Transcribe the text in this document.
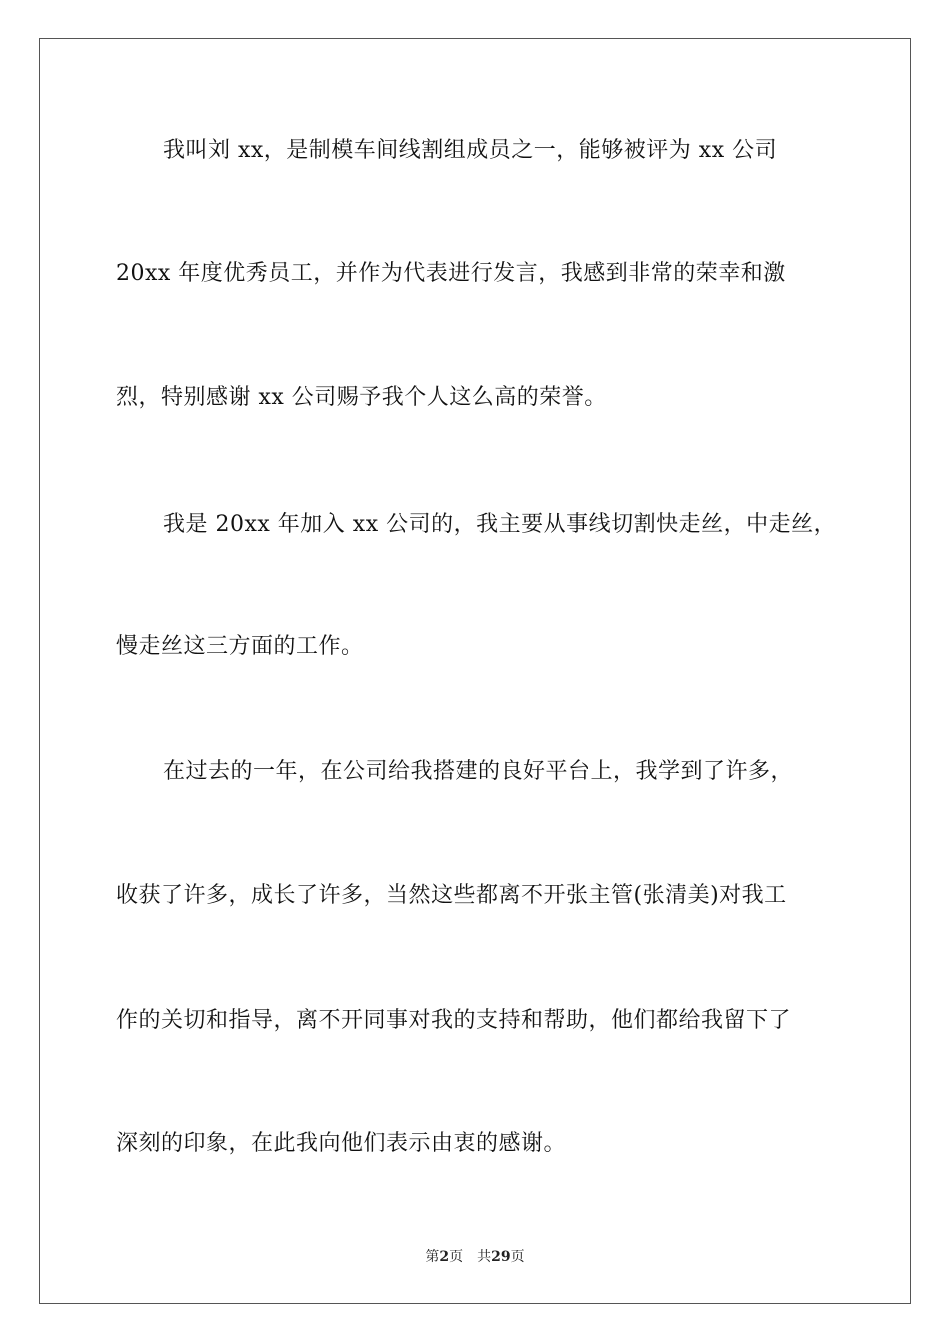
我叫刘 xx，是制模车间线割组成员之一，能够被评为 xx 公司
20xx 年度优秀员工，并作为代表进行发言，我感到非常的荣幸和激
烈，特别感谢 xx 公司赐予我个人这么高的荣誉。
我是 20xx 年加入 xx 公司的，我主要从事线切割快走丝，中走丝，
慢走丝这三方面的工作。
在过去的一年，在公司给我搭建的良好平台上，我学到了许多，
收获了许多，成长了许多，当然这些都离不开张主管(张清美)对我工
作的关切和指导，离不开同事对我的支持和帮助，他们都给我留下了
深刻的印象，在此我向他们表示由衷的感谢。
第2页 共29页
